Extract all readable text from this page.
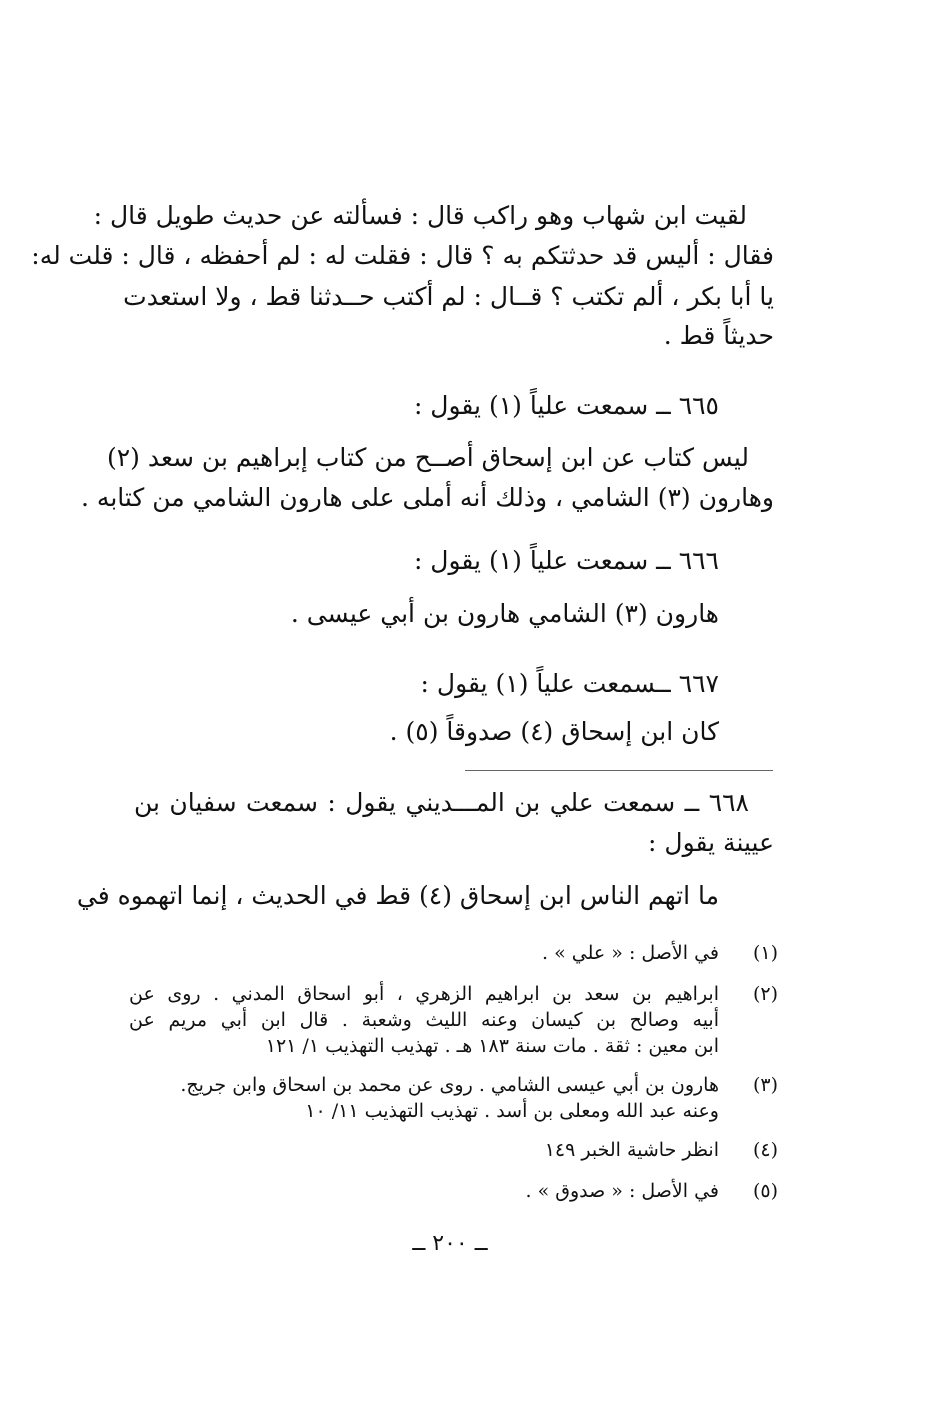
لقيت ابن شهاب وهو راكب قال : فسألته عن حديث طويل قال :
فقال : أليس قد حدثتكم به ؟ قال : فقلت له : لم أحفظه ، قال : قلت له:
يا أبا بكر ، ألم تكتب ؟ قــال : لم أكتب حــدثنا قط ، ولا استعدت
حديثاً قط .
٦٦٥ ــ سمعت علياً (١) يقول :
ليس كتاب عن ابن إسحاق أصــح من كتاب إبراهيم بن سعد (٢)
وهارون (٣) الشامي ، وذلك أنه أملى على هارون الشامي من كتابه .
٦٦٦ ــ سمعت علياً (١) يقول :
هارون (٣) الشامي هارون بن أبي عيسى .
٦٦٧ ــسمعت علياً (١) يقول :
كان ابن إسحاق (٤) صدوقاً (٥) .
٦٦٨ ــ سمعت علي بن المـــديني يقول : سمعت سفيان بن
عيينة يقول :
ما اتهم الناس ابن إسحاق (٤) قط في الحديث ، إنما اتهموه في
(١)
في الأصل : « علي » .
(٢)
ابراهيم بن سعد بن ابراهيم الزهري ، أبو اسحاق المدني . روى عن
أبيه وصالح بن كيسان وعنه الليث وشعبة . قال ابن أبي مريم عن
ابن معين : ثقة . مات سنة ١٨٣ هـ . تهذيب التهذيب ١/ ١٢١
(٣)
هارون بن أبي عيسى الشامي . روى عن محمد بن اسحاق وابن جريج.
وعنه عبد الله ومعلى بن أسد . تهذيب التهذيب ١١/ ١٠
(٤)
انظر حاشية الخبر ١٤٩
(٥)
في الأصل : « صدوق » .
ــ ٢٠٠ ــ
